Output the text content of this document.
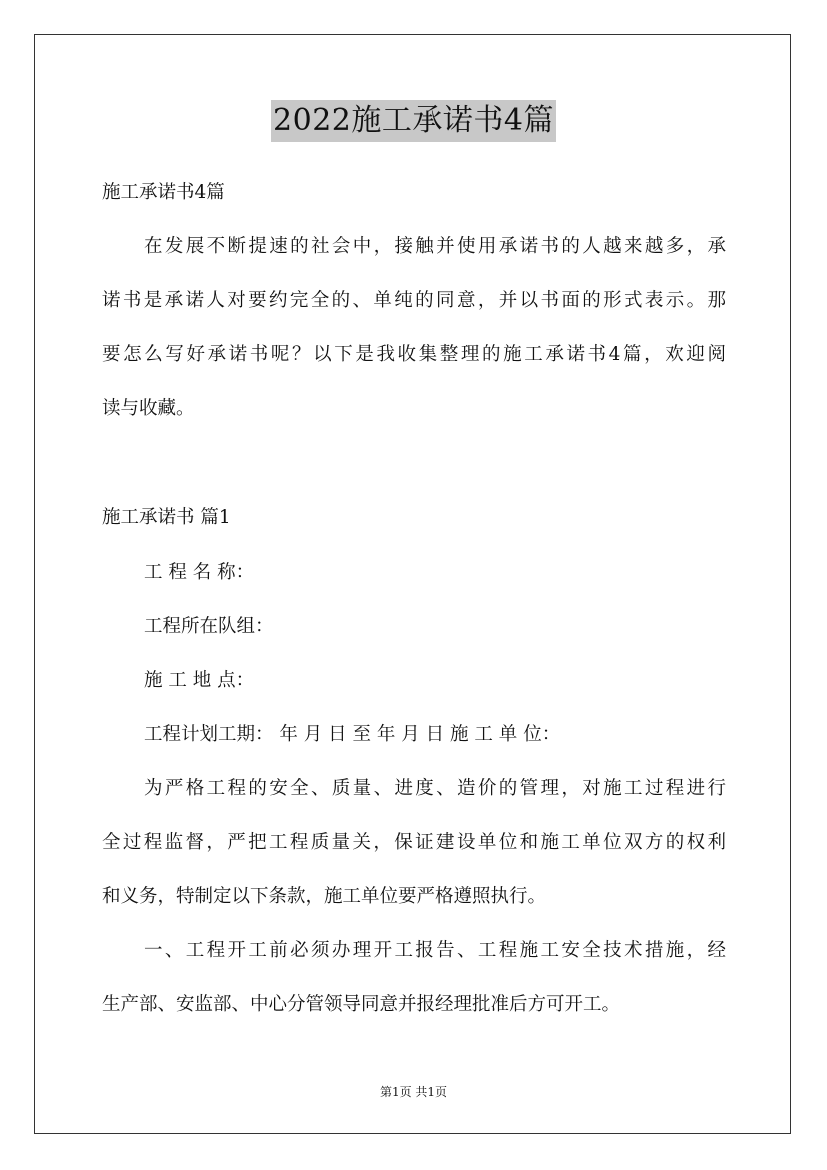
2022施工承诺书4篇
施工承诺书4篇
在发展不断提速的社会中，接触并使用承诺书的人越来越多，承
诺书是承诺人对要约完全的、单纯的同意，并以书面的形式表示。那
要怎么写好承诺书呢？以下是我收集整理的施工承诺书4篇，欢迎阅
读与收藏。
施工承诺书 篇1
工 程 名 称：
工程所在队组：
施 工 地 点：
工程计划工期： 年 月 日 至 年 月 日 施 工 单 位：
为严格工程的安全、质量、进度、造价的管理，对施工过程进行
全过程监督，严把工程质量关，保证建设单位和施工单位双方的权利
和义务，特制定以下条款，施工单位要严格遵照执行。
一、工程开工前必须办理开工报告、工程施工安全技术措施，经
生产部、安监部、中心分管领导同意并报经理批准后方可开工。
第1页 共1页
